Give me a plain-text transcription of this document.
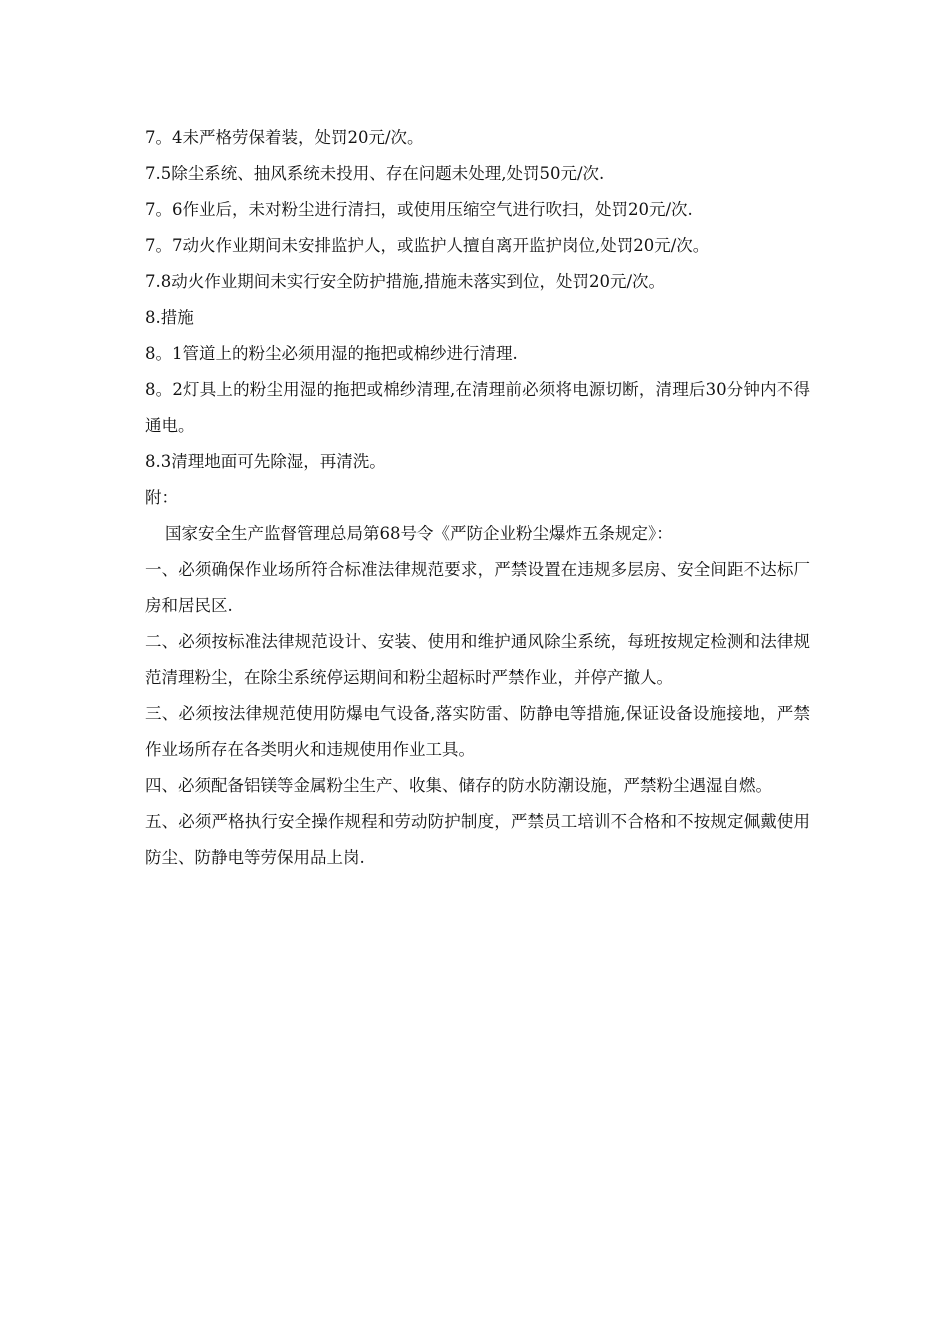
7。4未严格劳保着装，处罚20元/次。

7.5除尘系统、抽风系统未投用、存在问题未处理,处罚50元/次.

7。6作业后，未对粉尘进行清扫，或使用压缩空气进行吹扫，处罚20元/次.

7。7动火作业期间未安排监护人，或监护人擅自离开监护岗位,处罚20元/次。

7.8动火作业期间未实行安全防护措施,措施未落实到位，处罚20元/次。

8.措施

8。1管道上的粉尘必须用湿的拖把或棉纱进行清理.

8。2灯具上的粉尘用湿的拖把或棉纱清理,在清理前必须将电源切断，清理后30分钟内不得通电。

8.3清理地面可先除湿，再清洗。

附：

国家安全生产监督管理总局第68号令《严防企业粉尘爆炸五条规定》：

一、必须确保作业场所符合标准法律规范要求，严禁设置在违规多层房、安全间距不达标厂房和居民区.

二、必须按标准法律规范设计、安装、使用和维护通风除尘系统，每班按规定检测和法律规范清理粉尘，在除尘系统停运期间和粉尘超标时严禁作业，并停产撤人。

三、必须按法律规范使用防爆电气设备,落实防雷、防静电等措施,保证设备设施接地，严禁作业场所存在各类明火和违规使用作业工具。

四、必须配备铝镁等金属粉尘生产、收集、储存的防水防潮设施，严禁粉尘遇湿自燃。

五、必须严格执行安全操作规程和劳动防护制度，严禁员工培训不合格和不按规定佩戴使用防尘、防静电等劳保用品上岗.
